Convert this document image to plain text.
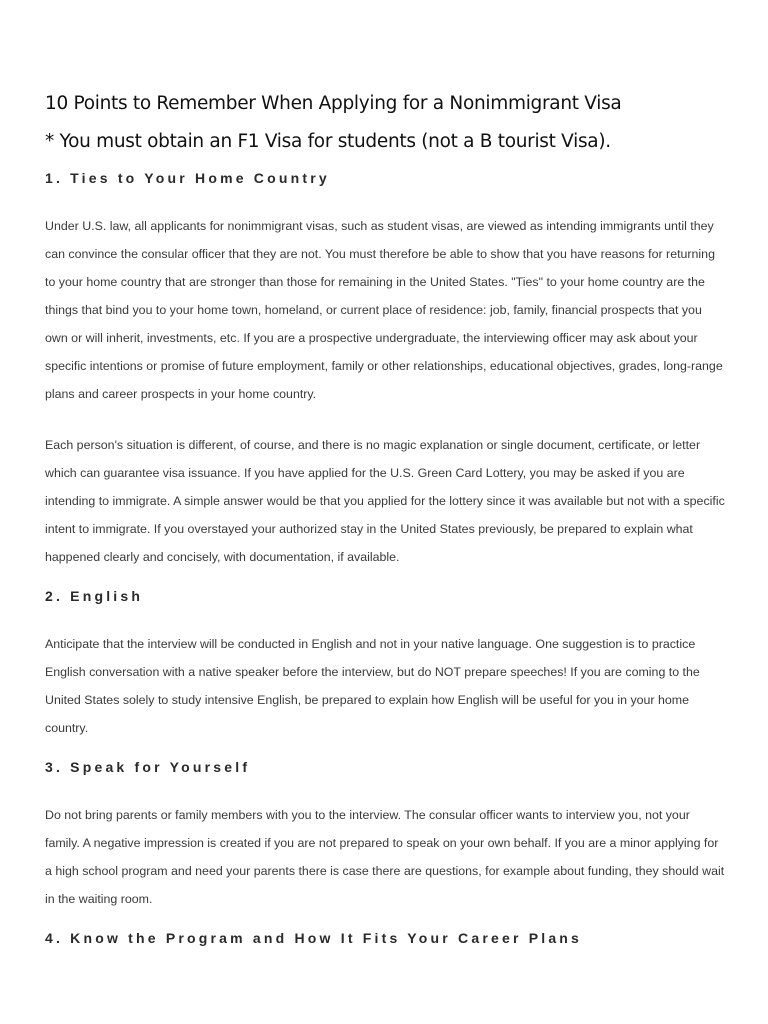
10 Points to Remember When Applying for a Nonimmigrant Visa
* You must obtain an F1 Visa for students (not a B tourist Visa).
1. Ties to Your Home Country

Under U.S. law, all applicants for nonimmigrant visas, such as student visas, are viewed as intending immigrants until they can convince the consular officer that they are not. You must therefore be able to show that you have reasons for returning to your home country that are stronger than those for remaining in the United States. "Ties" to your home country are the things that bind you to your home town, homeland, or current place of residence: job, family, financial prospects that you own or will inherit, investments, etc. If you are a prospective undergraduate, the interviewing officer may ask about your specific intentions or promise of future employment, family or other relationships, educational objectives, grades, long-range plans and career prospects in your home country.

Each person's situation is different, of course, and there is no magic explanation or single document, certificate, or letter which can guarantee visa issuance. If you have applied for the U.S. Green Card Lottery, you may be asked if you are intending to immigrate. A simple answer would be that you applied for the lottery since it was available but not with a specific intent to immigrate. If you overstayed your authorized stay in the United States previously, be prepared to explain what happened clearly and concisely, with documentation, if available.

2. English

Anticipate that the interview will be conducted in English and not in your native language. One suggestion is to practice English conversation with a native speaker before the interview, but do NOT prepare speeches! If you are coming to the United States solely to study intensive English, be prepared to explain how English will be useful for you in your home country.

3. Speak for Yourself

Do not bring parents or family members with you to the interview. The consular officer wants to interview you, not your family. A negative impression is created if you are not prepared to speak on your own behalf. If you are a minor applying for a high school program and need your parents there is case there are questions, for example about funding, they should wait in the waiting room.

4. Know the Program and How It Fits Your Career Plans
